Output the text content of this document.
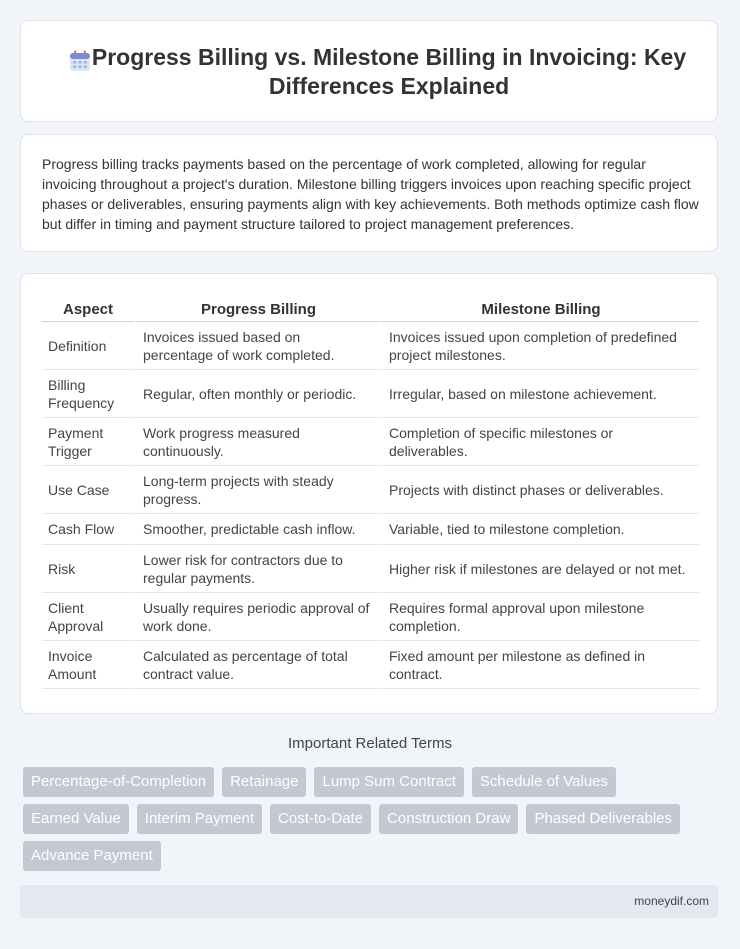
Progress Billing vs. Milestone Billing in Invoicing: Key Differences Explained

Progress billing tracks payments based on the percentage of work completed, allowing for regular invoicing throughout a project's duration. Milestone billing triggers invoices upon reaching specific project phases or deliverables, ensuring payments align with key achievements. Both methods optimize cash flow but differ in timing and payment structure tailored to project management preferences.

Aspect	Progress Billing	Milestone Billing
Definition	Invoices issued based on percentage of work completed.	Invoices issued upon completion of predefined project milestones.
Billing Frequency	Regular, often monthly or periodic.	Irregular, based on milestone achievement.
Payment Trigger	Work progress measured continuously.	Completion of specific milestones or deliverables.
Use Case	Long-term projects with steady progress.	Projects with distinct phases or deliverables.
Cash Flow	Smoother, predictable cash inflow.	Variable, tied to milestone completion.
Risk	Lower risk for contractors due to regular payments.	Higher risk if milestones are delayed or not met.
Client Approval	Usually requires periodic approval of work done.	Requires formal approval upon milestone completion.
Invoice Amount	Calculated as percentage of total contract value.	Fixed amount per milestone as defined in contract.
Important Related Terms
Percentage-of-Completion	Retainage	Lump Sum Contract	Schedule of Values
Earned Value	Interim Payment	Cost-to-Date	Construction Draw	Phased Deliverables
Advance Payment
moneydif.com
